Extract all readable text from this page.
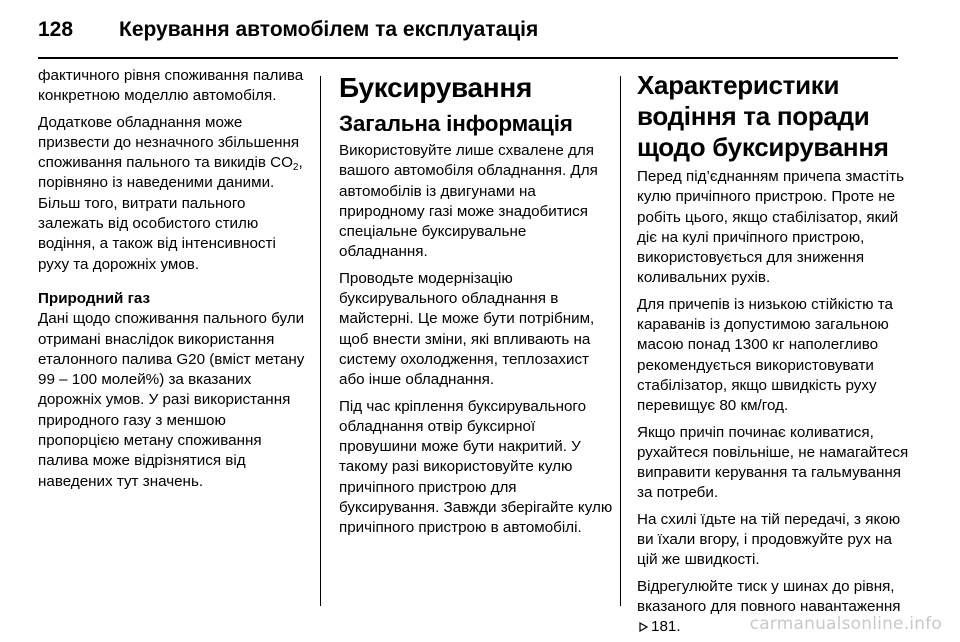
128	Керування автомобілем та експлуатація

фактичного рівня споживання палива конкретною моделлю автомобіля.

Додаткове обладнання може призвести до незначного збільшення споживання пального та викидів $CO_2$, порівняно із наведеними даними. Більш того, витрати пального залежать від особистого стилю водіння, а також від інтенсивності руху та дорожніх умов.

Природний газ

Дані щодо споживання пального були отримані внаслідок використання еталонного палива G20 (вміст метану 99 – 100 молей%) за вказаних дорожніх умов. У разі використання природного газу з меншою пропорцією метану споживання палива може відрізнятися від наведених тут значень.

Буксирування
Загальна інформація

Використовуйте лише схвалене для вашого автомобіля обладнання. Для автомобілів із двигунами на природному газі може знадобитися спеціальне буксирувальне обладнання.

Проводьте модернізацію буксирувального обладнання в майстерні. Це може бути потрібним, щоб внести зміни, які впливають на систему охолодження, теплозахист або інше обладнання.

Під час кріплення буксирувального обладнання отвір буксирної провушини може бути накритий. У такому разі використовуйте кулю причіпного пристрою для буксирування. Завжди зберігайте кулю причіпного пристрою в автомобілі.

Характеристики водіння та поради щодо буксирування

Перед під’єднанням причепа змастіть кулю причіпного пристрою. Проте не робіть цього, якщо стабілізатор, який діє на кулі причіпного пристрою, використовується для зниження коливальних рухів.

Для причепів із низькою стійкістю та караванів із допустимою загальною масою понад 1300 кг наполегливо рекомендується використовувати стабілізатор, якщо швидкість руху перевищує 80 км/год.

Якщо причіп починає коливатися, рухайтеся повільніше, не намагайтеся виправити керування та гальмування за потреби.

На схилі їдьте на тій передачі, з якою ви їхали вгору, і продовжуйте рух на цій же швидкості.

Відрегулюйте тиск у шинах до рівня, вказаного для повного навантаження181.	carmanualsonline.info
